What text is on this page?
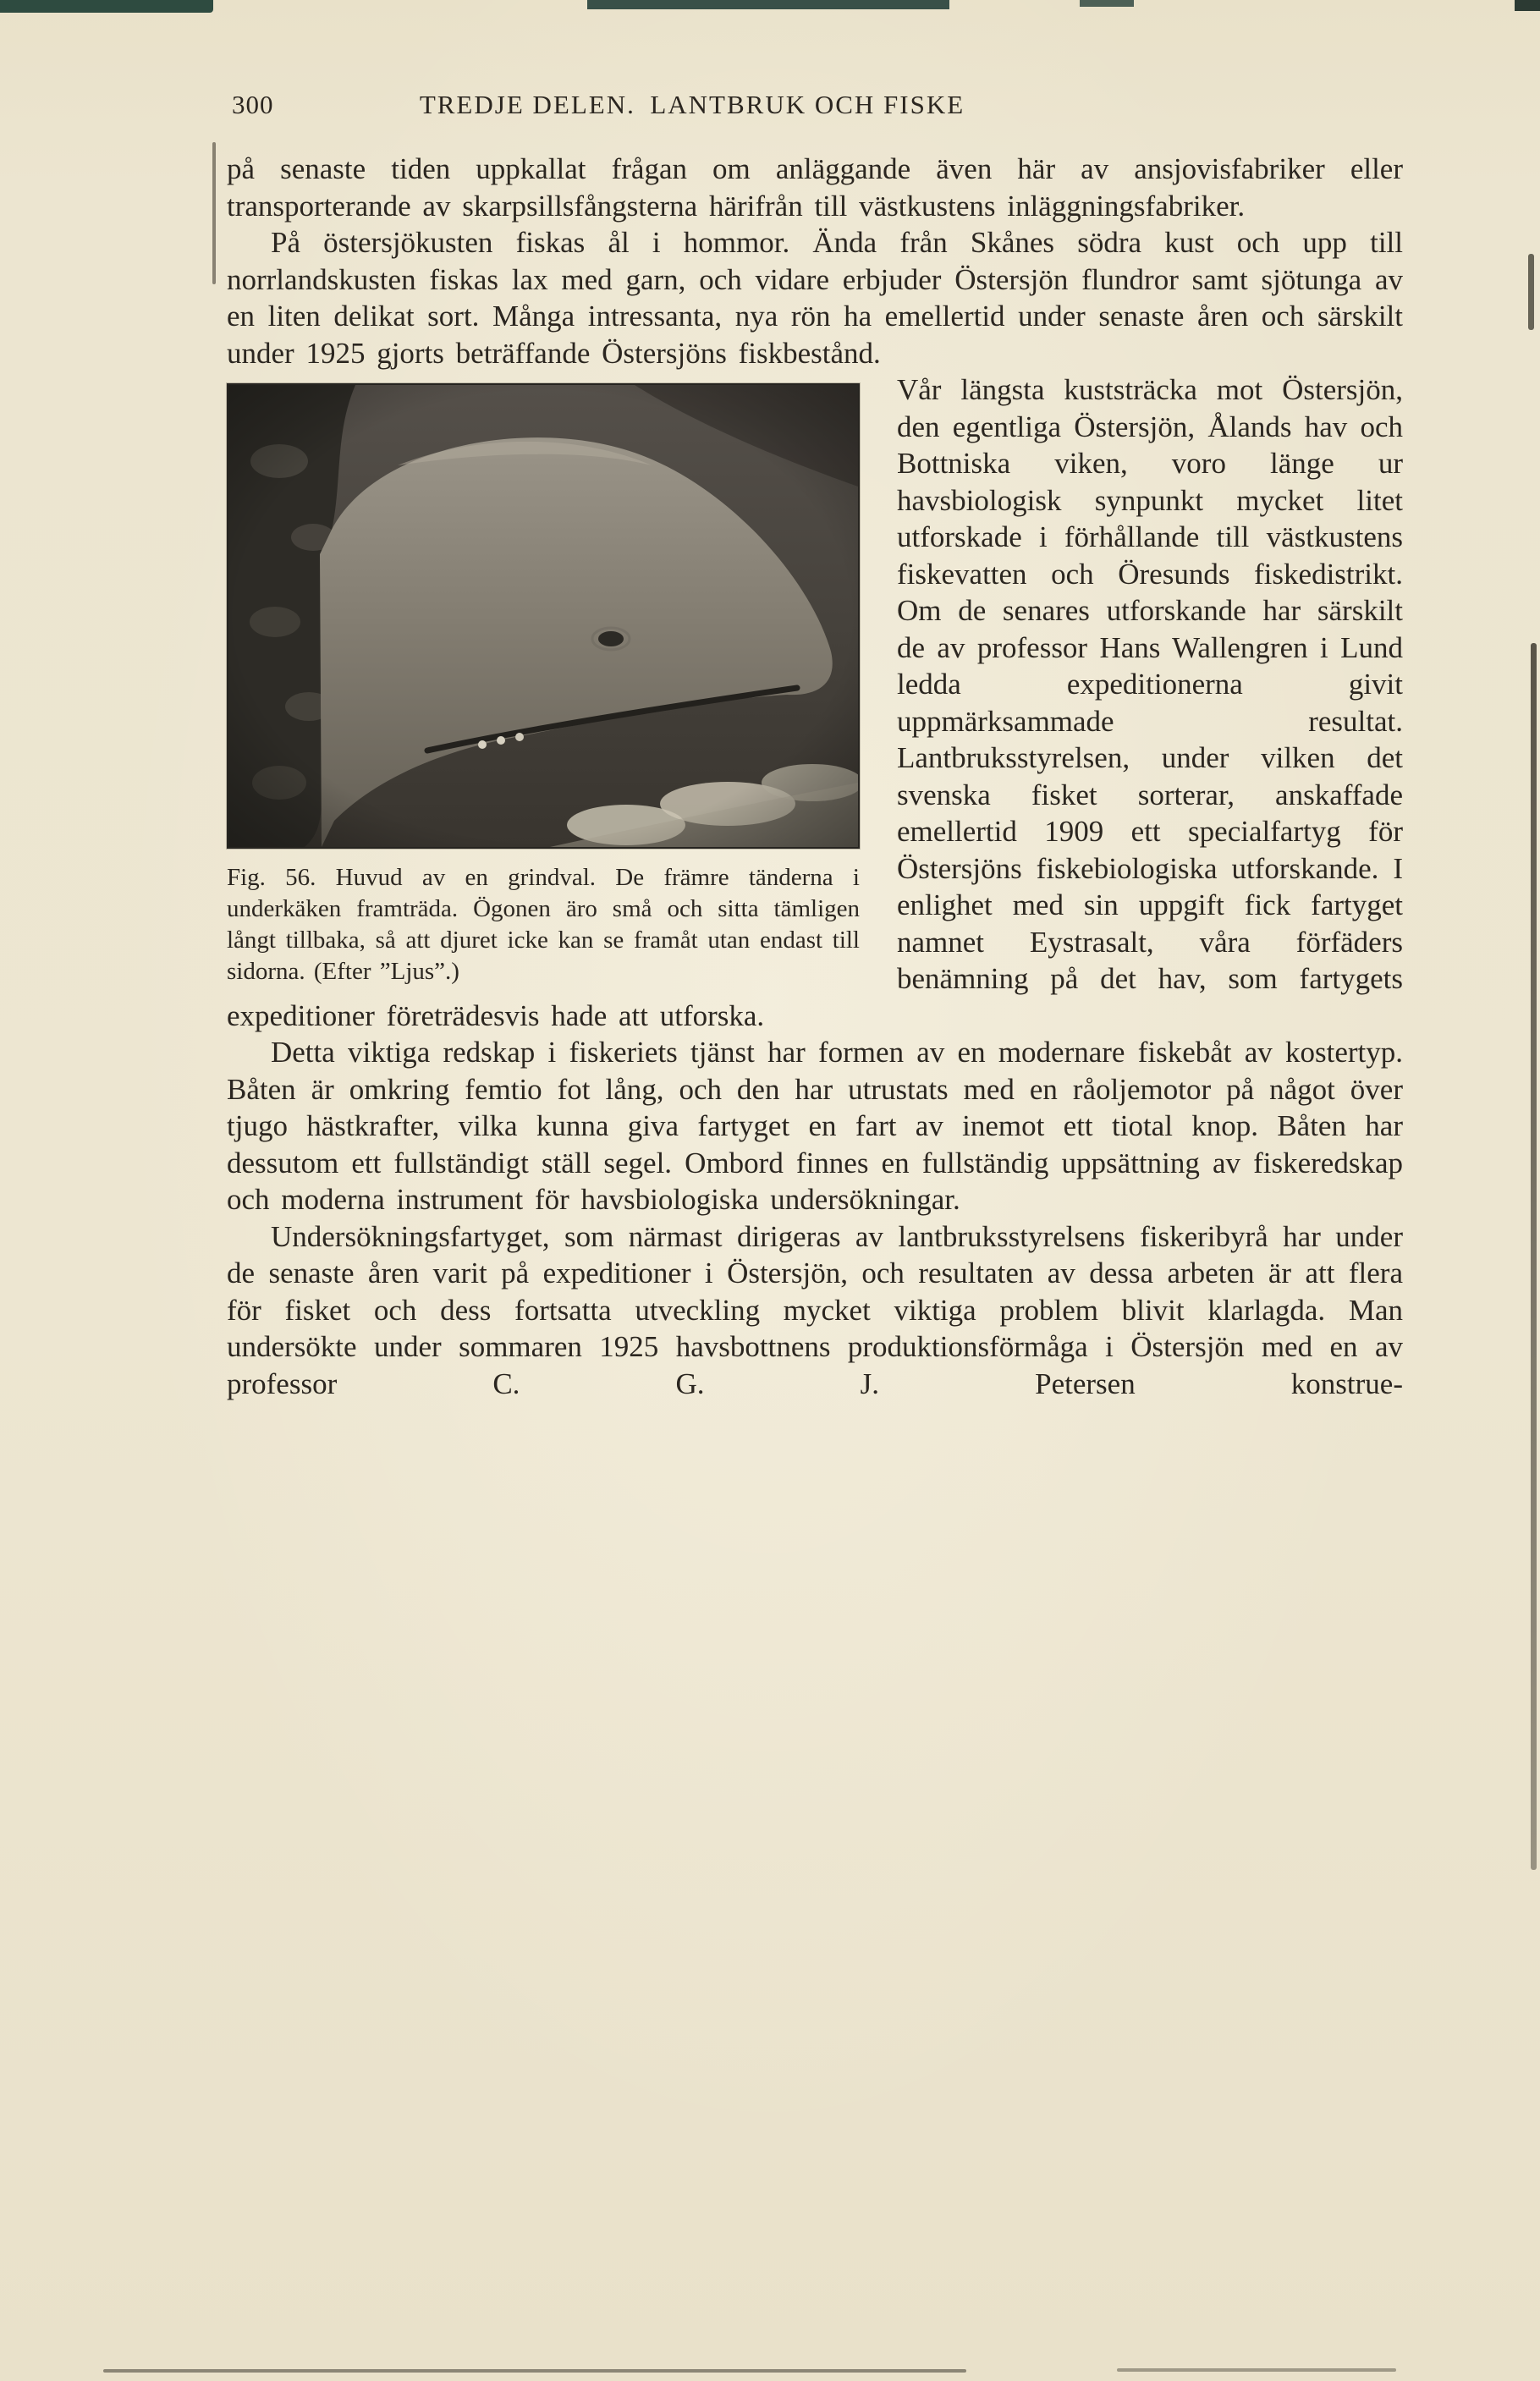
300	TREDJE DELEN. LANTBRUK OCH FISKE

på senaste tiden uppkallat frågan om anläggande även här av ansjovisfabriker eller transporterande av skarpsillsfångsterna härifrån till västkustens inläggningsfabriker.

På östersjökusten fiskas ål i hommor. Ända från Skånes södra kust och upp till norrlandskusten fiskas lax med garn, och vidare erbjuder Östersjön flundror samt sjötunga av en liten delikat sort. Många intressanta, nya rön ha emellertid under senaste åren och särskilt under 1925 gjorts beträffande Östersjöns fiskbestånd.

Fig. 56. Huvud av en grindval. De främre tänderna i underkäken framträda. Ögonen äro små och sitta tämligen långt tillbaka, så att djuret icke kan se framåt utan endast till sidorna. (Efter ”Ljus”.)

Vår längsta kuststräcka mot Östersjön, den egentliga Östersjön, Ålands hav och Bottniska viken, voro länge ur havsbiologisk synpunkt mycket litet utforskade i förhållande till västkustens fiskevatten och Öresunds fiskedistrikt. Om de senares utforskande har särskilt de av professor Hans Wallengren i Lund ledda expeditionerna givit uppmärksammade resultat. Lantbruksstyrelsen, under vilken det svenska fisket sorterar, anskaffade emellertid 1909 ett specialfartyg för Östersjöns fiskebiologiska utforskande. I enlighet med sin uppgift fick fartyget namnet Eystrasalt, våra förfäders benämning på det hav, som fartygets expeditioner företrädesvis hade att utforska.

Detta viktiga redskap i fiskeriets tjänst har formen av en modernare fiskebåt av kostertyp. Båten är omkring femtio fot lång, och den har utrustats med en råoljemotor på något över tjugo hästkrafter, vilka kunna giva fartyget en fart av inemot ett tiotal knop. Båten har dessutom ett fullständigt ställ segel. Ombord finnes en fullständig uppsättning av fiskeredskap och moderna instrument för havsbiologiska undersökningar.

Undersökningsfartyget, som närmast dirigeras av lantbruksstyrelsens fiskeribyrå har under de senaste åren varit på expeditioner i Östersjön, och resultaten av dessa arbeten är att flera för fisket och dess fortsatta utveckling mycket viktiga problem blivit klarlagda. Man undersökte under sommaren 1925 havsbottnens produktionsförmåga i Östersjön med en av professor C. G. J. Petersen konstrue-
